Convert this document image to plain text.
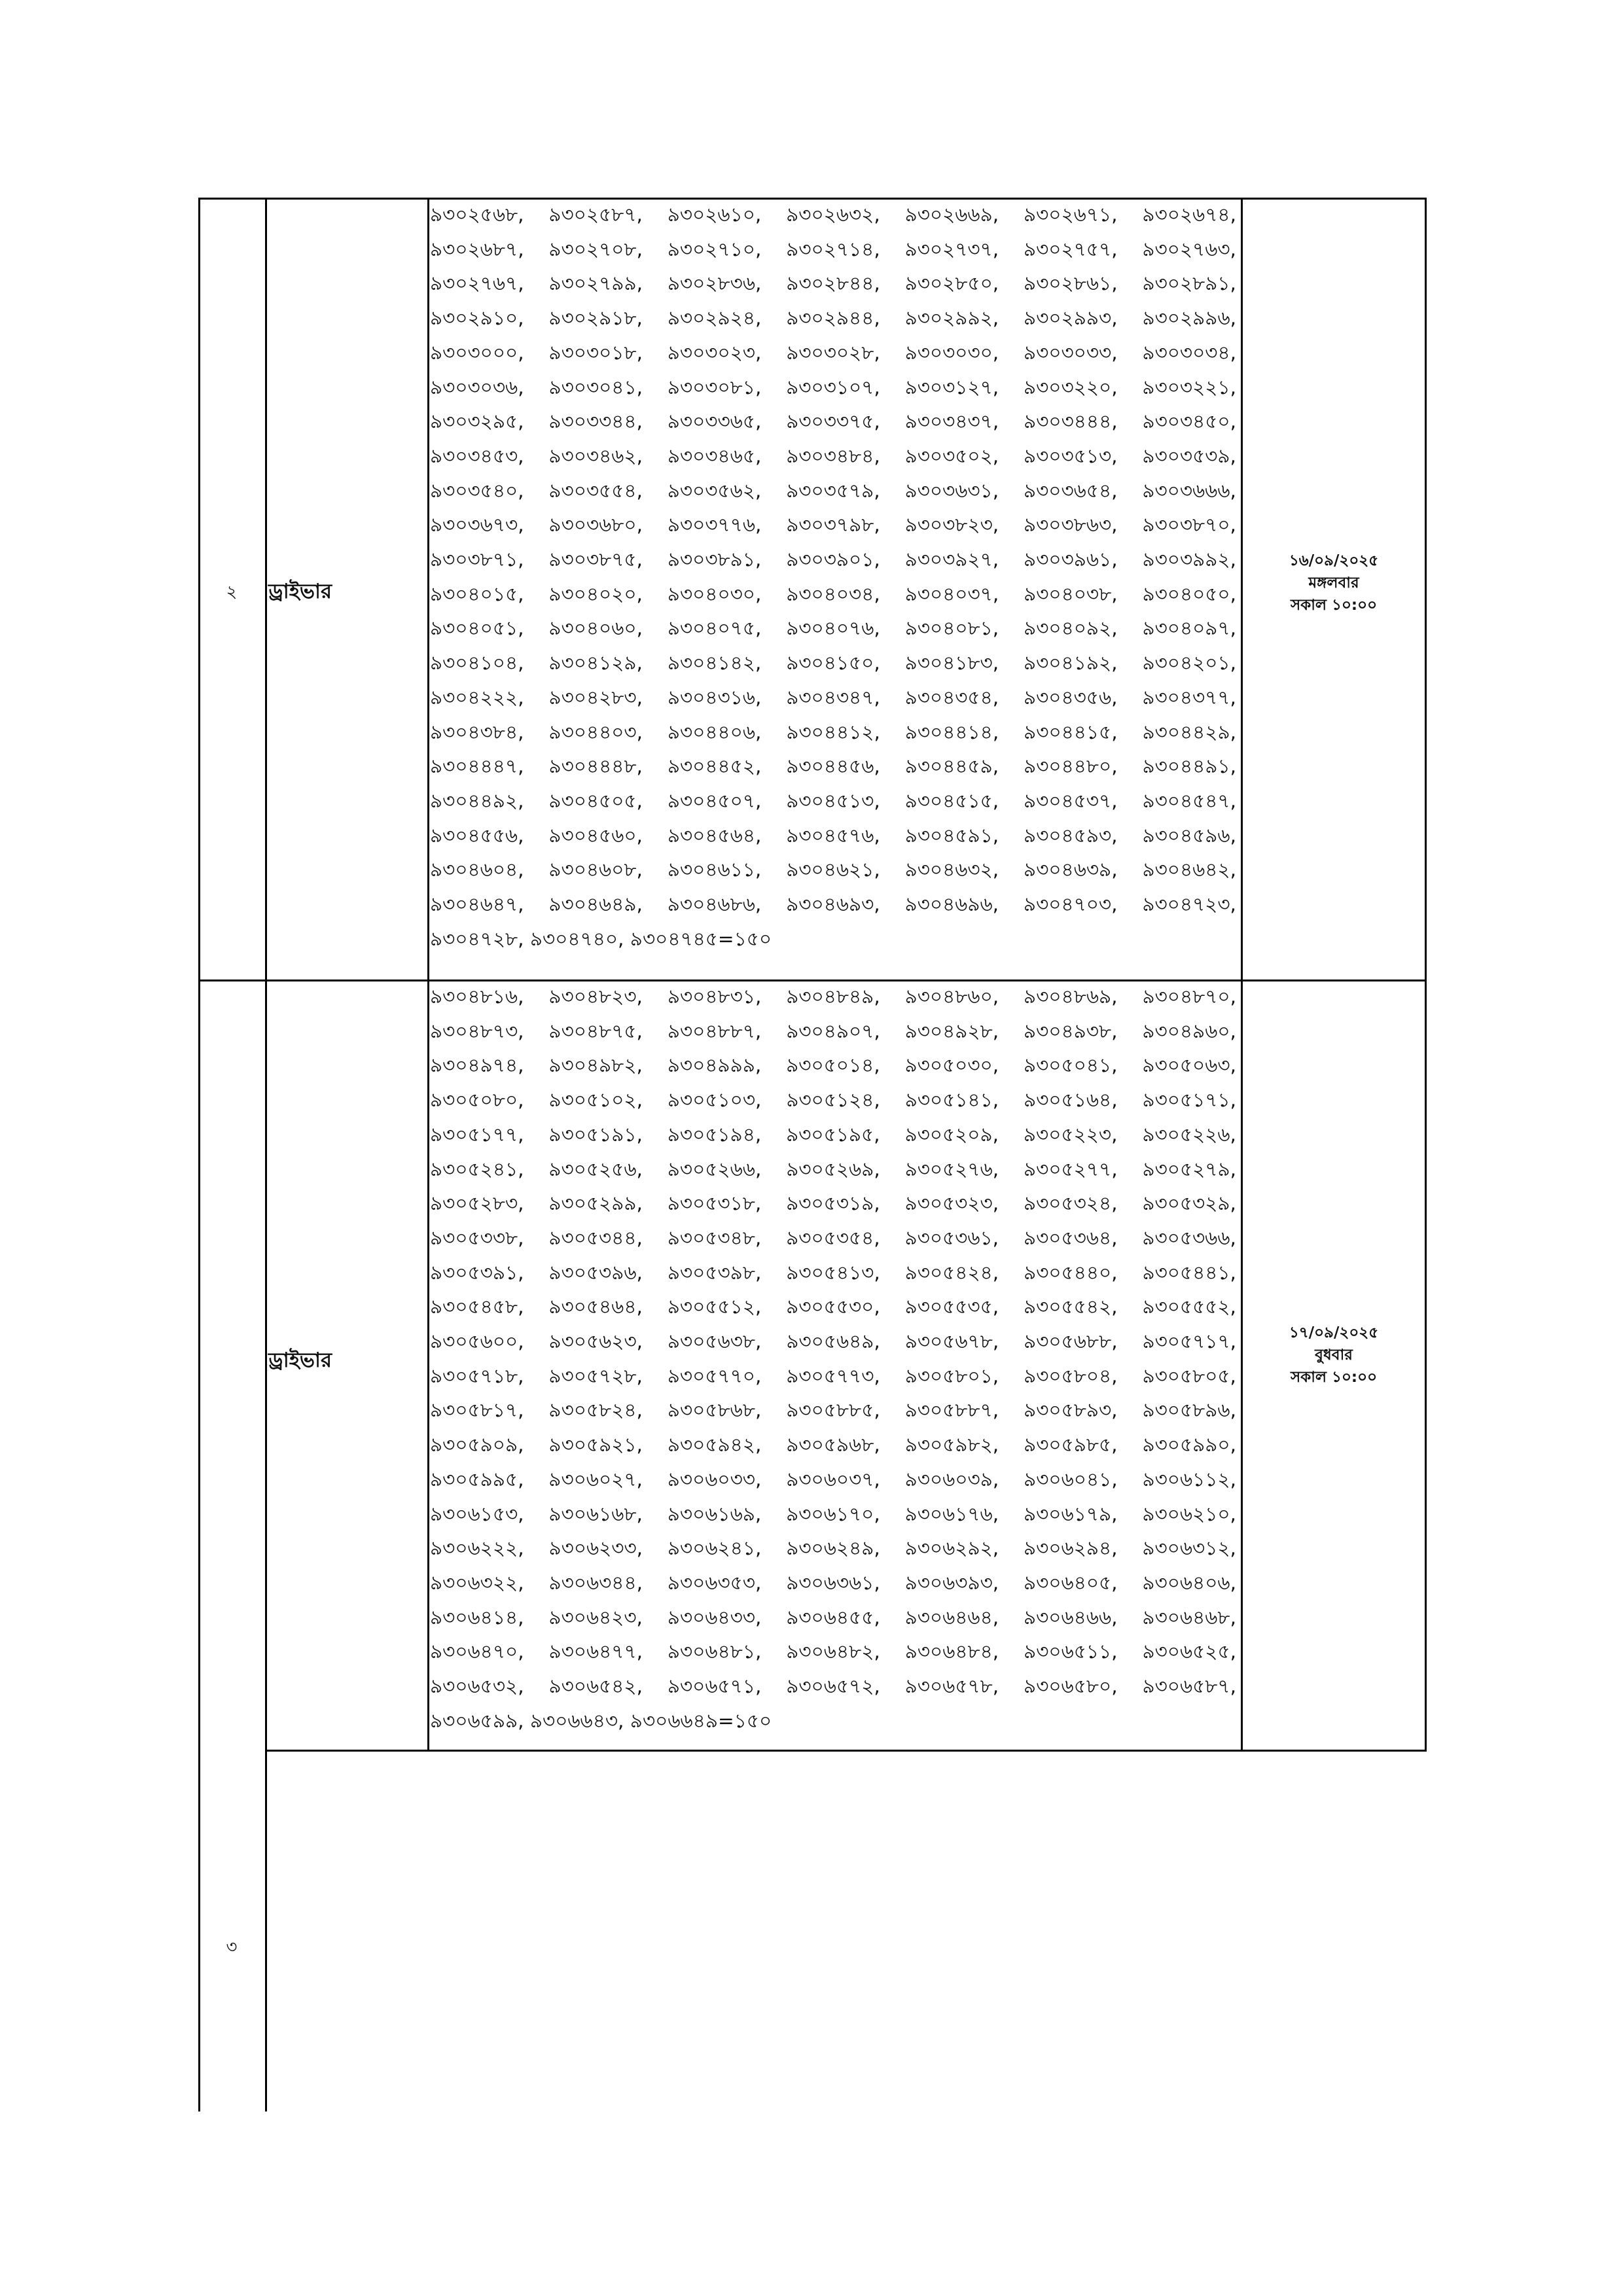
২	ড্রাইভার
৯৩০২৫৬৮, ৯৩০২৫৮৭, ৯৩০২৬১০, ৯৩০২৬৩২, ৯৩০২৬৬৯, ৯৩০২৬৭১, ৯৩০২৬৭৪,
৯৩০২৬৮৭, ৯৩০২৭০৮, ৯৩০২৭১০, ৯৩০২৭১৪, ৯৩০২৭৩৭, ৯৩০২৭৫৭, ৯৩০২৭৬৩,
৯৩০২৭৬৭, ৯৩০২৭৯৯, ৯৩০২৮৩৬, ৯৩০২৮৪৪, ৯৩০২৮৫০, ৯৩০২৮৬১, ৯৩০২৮৯১,
৯৩০২৯১০, ৯৩০২৯১৮, ৯৩০২৯২৪, ৯৩০২৯৪৪, ৯৩০২৯৯২, ৯৩০২৯৯৩, ৯৩০২৯৯৬,
৯৩০৩০০০, ৯৩০৩০১৮, ৯৩০৩০২৩, ৯৩০৩০২৮, ৯৩০৩০৩০, ৯৩০৩০৩৩, ৯৩০৩০৩৪,
৯৩০৩০৩৬, ৯৩০৩০৪১, ৯৩০৩০৮১, ৯৩০৩১০৭, ৯৩০৩১২৭, ৯৩০৩২২০, ৯৩০৩২২১,
৯৩০৩২৯৫, ৯৩০৩৩৪৪, ৯৩০৩৩৬৫, ৯৩০৩৩৭৫, ৯৩০৩৪৩৭, ৯৩০৩৪৪৪, ৯৩০৩৪৫০,
৯৩০৩৪৫৩, ৯৩০৩৪৬২, ৯৩০৩৪৬৫, ৯৩০৩৪৮৪, ৯৩০৩৫০২, ৯৩০৩৫১৩, ৯৩০৩৫৩৯,
৯৩০৩৫৪০, ৯৩০৩৫৫৪, ৯৩০৩৫৬২, ৯৩০৩৫৭৯, ৯৩০৩৬৩১, ৯৩০৩৬৫৪, ৯৩০৩৬৬৬,
৯৩০৩৬৭৩, ৯৩০৩৬৮০, ৯৩০৩৭৭৬, ৯৩০৩৭৯৮, ৯৩০৩৮২৩, ৯৩০৩৮৬৩, ৯৩০৩৮৭০,
৯৩০৩৮৭১, ৯৩০৩৮৭৫, ৯৩০৩৮৯১, ৯৩০৩৯০১, ৯৩০৩৯২৭, ৯৩০৩৯৬১, ৯৩০৩৯৯২,
৯৩০৪০১৫, ৯৩০৪০২০, ৯৩০৪০৩০, ৯৩০৪০৩৪, ৯৩০৪০৩৭, ৯৩০৪০৩৮, ৯৩০৪০৫০,
৯৩০৪০৫১, ৯৩০৪০৬০, ৯৩০৪০৭৫, ৯৩০৪০৭৬, ৯৩০৪০৮১, ৯৩০৪০৯২, ৯৩০৪০৯৭,
৯৩০৪১০৪, ৯৩০৪১২৯, ৯৩০৪১৪২, ৯৩০৪১৫০, ৯৩০৪১৮৩, ৯৩০৪১৯২, ৯৩০৪২০১,
৯৩০৪২২২, ৯৩০৪২৮৩, ৯৩০৪৩১৬, ৯৩০৪৩৪৭, ৯৩০৪৩৫৪, ৯৩০৪৩৫৬, ৯৩০৪৩৭৭,
৯৩০৪৩৮৪, ৯৩০৪৪০৩, ৯৩০৪৪০৬, ৯৩০৪৪১২, ৯৩০৪৪১৪, ৯৩০৪৪১৫, ৯৩০৪৪২৯,
৯৩০৪৪৪৭, ৯৩০৪৪৪৮, ৯৩০৪৪৫২, ৯৩০৪৪৫৬, ৯৩০৪৪৫৯, ৯৩০৪৪৮০, ৯৩০৪৪৯১,
৯৩০৪৪৯২, ৯৩০৪৫০৫, ৯৩০৪৫০৭, ৯৩০৪৫১৩, ৯৩০৪৫১৫, ৯৩০৪৫৩৭, ৯৩০৪৫৪৭,
৯৩০৪৫৫৬, ৯৩০৪৫৬০, ৯৩০৪৫৬৪, ৯৩০৪৫৭৬, ৯৩০৪৫৯১, ৯৩০৪৫৯৩, ৯৩০৪৫৯৬,
৯৩০৪৬০৪, ৯৩০৪৬০৮, ৯৩০৪৬১১, ৯৩০৪৬২১, ৯৩০৪৬৩২, ৯৩০৪৬৩৯, ৯৩০৪৬৪২,
৯৩০৪৬৪৭, ৯৩০৪৬৪৯, ৯৩০৪৬৮৬, ৯৩০৪৬৯৩, ৯৩০৪৬৯৬, ৯৩০৪৭০৩, ৯৩০৪৭২৩,
৯৩০৪৭২৮, ৯৩০৪৭৪০, ৯৩০৪৭৪৫=১৫০
১৬/০৯/২০২৫
মঙ্গলবার
সকাল ১০:০০
ড্রাইভার
৯৩০৪৮১৬, ৯৩০৪৮২৩, ৯৩০৪৮৩১, ৯৩০৪৮৪৯, ৯৩০৪৮৬০, ৯৩০৪৮৬৯, ৯৩০৪৮৭০,
৯৩০৪৮৭৩, ৯৩০৪৮৭৫, ৯৩০৪৮৮৭, ৯৩০৪৯০৭, ৯৩০৪৯২৮, ৯৩০৪৯৩৮, ৯৩০৪৯৬০,
৯৩০৪৯৭৪, ৯৩০৪৯৮২, ৯৩০৪৯৯৯, ৯৩০৫০১৪, ৯৩০৫০৩০, ৯৩০৫০৪১, ৯৩০৫০৬৩,
৯৩০৫০৮০, ৯৩০৫১০২, ৯৩০৫১০৩, ৯৩০৫১২৪, ৯৩০৫১৪১, ৯৩০৫১৬৪, ৯৩০৫১৭১,
৯৩০৫১৭৭, ৯৩০৫১৯১, ৯৩০৫১৯৪, ৯৩০৫১৯৫, ৯৩০৫২০৯, ৯৩০৫২২৩, ৯৩০৫২২৬,
৯৩০৫২৪১, ৯৩০৫২৫৬, ৯৩০৫২৬৬, ৯৩০৫২৬৯, ৯৩০৫২৭৬, ৯৩০৫২৭৭, ৯৩০৫২৭৯,
৯৩০৫২৮৩, ৯৩০৫২৯৯, ৯৩০৫৩১৮, ৯৩০৫৩১৯, ৯৩০৫৩২৩, ৯৩০৫৩২৪, ৯৩০৫৩২৯,
৯৩০৫৩৩৮, ৯৩০৫৩৪৪, ৯৩০৫৩৪৮, ৯৩০৫৩৫৪, ৯৩০৫৩৬১, ৯৩০৫৩৬৪, ৯৩০৫৩৬৬,
৯৩০৫৩৯১, ৯৩০৫৩৯৬, ৯৩০৫৩৯৮, ৯৩০৫৪১৩, ৯৩০৫৪২৪, ৯৩০৫৪৪০, ৯৩০৫৪৪১,
৯৩০৫৪৫৮, ৯৩০৫৪৬৪, ৯৩০৫৫১২, ৯৩০৫৫৩০, ৯৩০৫৫৩৫, ৯৩০৫৫৪২, ৯৩০৫৫৫২,
৯৩০৫৬০০, ৯৩০৫৬২৩, ৯৩০৫৬৩৮, ৯৩০৫৬৪৯, ৯৩০৫৬৭৮, ৯৩০৫৬৮৮, ৯৩০৫৭১৭,
৯৩০৫৭১৮, ৯৩০৫৭২৮, ৯৩০৫৭৭০, ৯৩০৫৭৭৩, ৯৩০৫৮০১, ৯৩০৫৮০৪, ৯৩০৫৮০৫,
৯৩০৫৮১৭, ৯৩০৫৮২৪, ৯৩০৫৮৬৮, ৯৩০৫৮৮৫, ৯৩০৫৮৮৭, ৯৩০৫৮৯৩, ৯৩০৫৮৯৬,
৯৩০৫৯০৯, ৯৩০৫৯২১, ৯৩০৫৯৪২, ৯৩০৫৯৬৮, ৯৩০৫৯৮২, ৯৩০৫৯৮৫, ৯৩০৫৯৯০,
৯৩০৫৯৯৫, ৯৩০৬০২৭, ৯৩০৬০৩৩, ৯৩০৬০৩৭, ৯৩০৬০৩৯, ৯৩০৬০৪১, ৯৩০৬১১২,
৯৩০৬১৫৩, ৯৩০৬১৬৮, ৯৩০৬১৬৯, ৯৩০৬১৭০, ৯৩০৬১৭৬, ৯৩০৬১৭৯, ৯৩০৬২১০,
৯৩০৬২২২, ৯৩০৬২৩৩, ৯৩০৬২৪১, ৯৩০৬২৪৯, ৯৩০৬২৯২, ৯৩০৬২৯৪, ৯৩০৬৩১২,
৯৩০৬৩২২, ৯৩০৬৩৪৪, ৯৩০৬৩৫৩, ৯৩০৬৩৬১, ৯৩০৬৩৯৩, ৯৩০৬৪০৫, ৯৩০৬৪০৬,
৯৩০৬৪১৪, ৯৩০৬৪২৩, ৯৩০৬৪৩৩, ৯৩০৬৪৫৫, ৯৩০৬৪৬৪, ৯৩০৬৪৬৬, ৯৩০৬৪৬৮,
৯৩০৬৪৭০, ৯৩০৬৪৭৭, ৯৩০৬৪৮১, ৯৩০৬৪৮২, ৯৩০৬৪৮৪, ৯৩০৬৫১১, ৯৩০৬৫২৫,
৯৩০৬৫৩২, ৯৩০৬৫৪২, ৯৩০৬৫৭১, ৯৩০৬৫৭২, ৯৩০৬৫৭৮, ৯৩০৬৫৮০, ৯৩০৬৫৮৭,
৯৩০৬৫৯৯, ৯৩০৬৬৪৩, ৯৩০৬৬৪৯=১৫০
১৭/০৯/২০২৫
বুধবার
সকাল ১০:০০
৩
